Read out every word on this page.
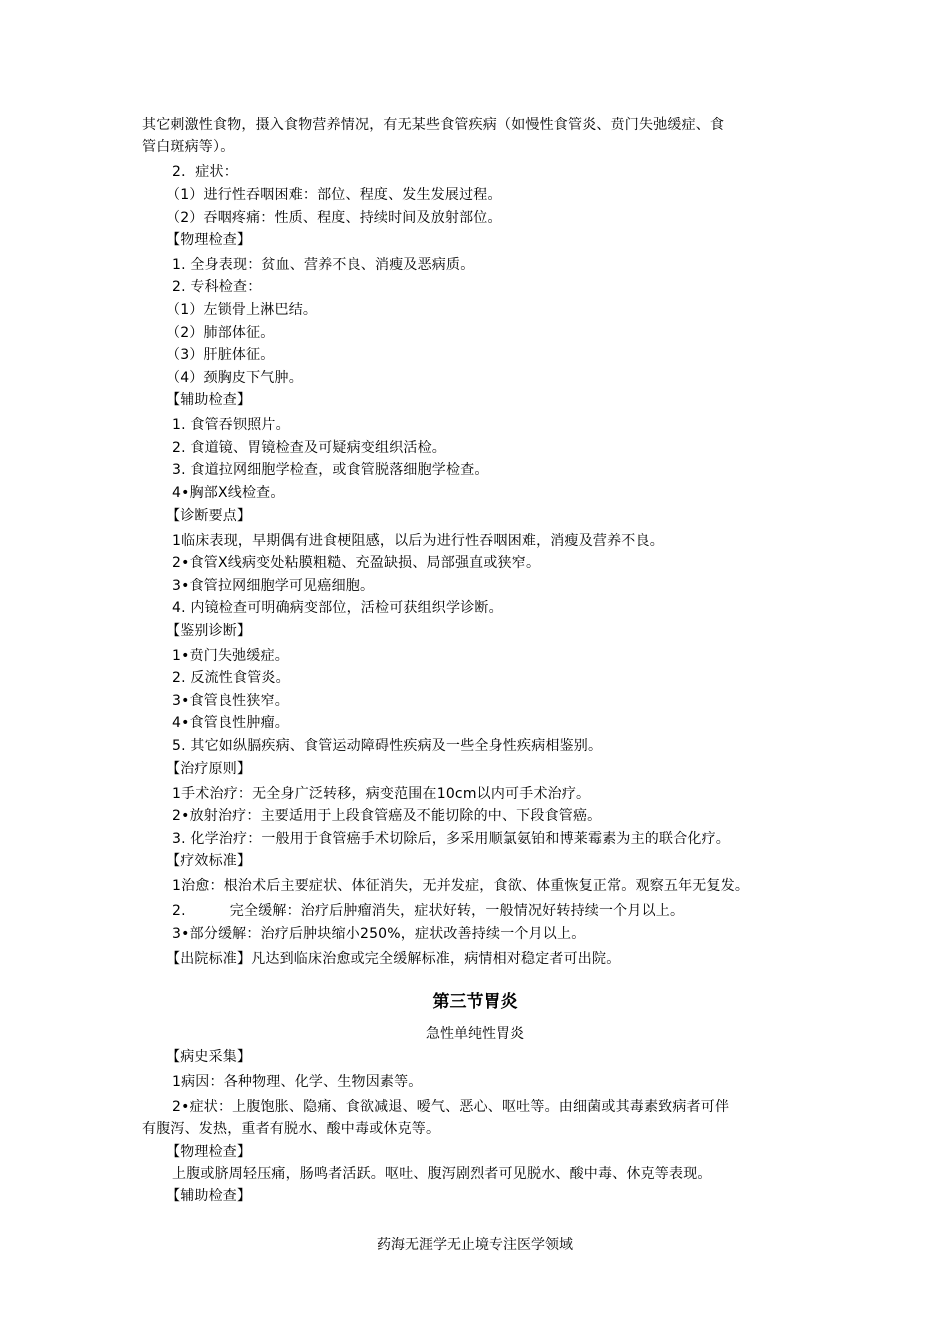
其它刺激性食物，摄入食物营养情况，有无某些食管疾病（如慢性食管炎、贲门失弛缓症、食
管白斑病等）。
2．症状：
（1）进行性吞咽困难：部位、程度、发生发展过程。
（2）吞咽疼痛：性质、程度、持续时间及放射部位。
【物理检查】
1. 全身表现：贫血、营养不良、消瘦及恶病质。
2. 专科检查：
（1）左锁骨上淋巴结。
（2）肺部体征。
（3）肝脏体征。
（4）颈胸皮下气肿。
【辅助检查】
1. 食管吞钡照片。
2. 食道镜、胃镜检查及可疑病变组织活检。
3. 食道拉网细胞学检查，或食管脱落细胞学检查。
4•胸部X线检查。
【诊断要点】
1临床表现，早期偶有进食梗阻感，以后为进行性吞咽困难，消瘦及营养不良。
2•食管X线病变处粘膜粗糙、充盈缺损、局部强直或狭窄。
3•食管拉网细胞学可见癌细胞。
4. 内镜检查可明确病变部位，活检可获组织学诊断。
【鉴别诊断】
1•贲门失弛缓症。
2. 反流性食管炎。
3•食管良性狭窄。
4•食管良性肿瘤。
5. 其它如纵膈疾病、食管运动障碍性疾病及一些全身性疾病相鉴别。
【治疗原则】
1手术治疗：无全身广泛转移，病变范围在10cm以内可手术治疗。
2•放射治疗：主要适用于上段食管癌及不能切除的中、下段食管癌。
3. 化学治疗：一般用于食管癌手术切除后，多采用顺氯氨铂和博莱霉素为主的联合化疗。
【疗效标准】
1治愈：根治术后主要症状、体征消失，无并发症，食欲、体重恢复正常。观察五年无复发。
2.	完全缓解：治疗后肿瘤消失，症状好转，一般情况好转持续一个月以上。
3•部分缓解：治疗后肿块缩小250%，症状改善持续一个月以上。
【出院标准】凡达到临床治愈或完全缓解标准，病情相对稳定者可出院。
第三节胃炎
急性单纯性胃炎
【病史采集】
1病因：各种物理、化学、生物因素等。
2•症状：上腹饱胀、隐痛、食欲减退、嗳气、恶心、呕吐等。由细菌或其毒素致病者可伴
有腹泻、发热，重者有脱水、酸中毒或休克等。
【物理检查】
上腹或脐周轻压痛，肠鸣者活跃。呕吐、腹泻剧烈者可见脱水、酸中毒、休克等表现。
【辅助检查】
药海无涯学无止境专注医学领域
